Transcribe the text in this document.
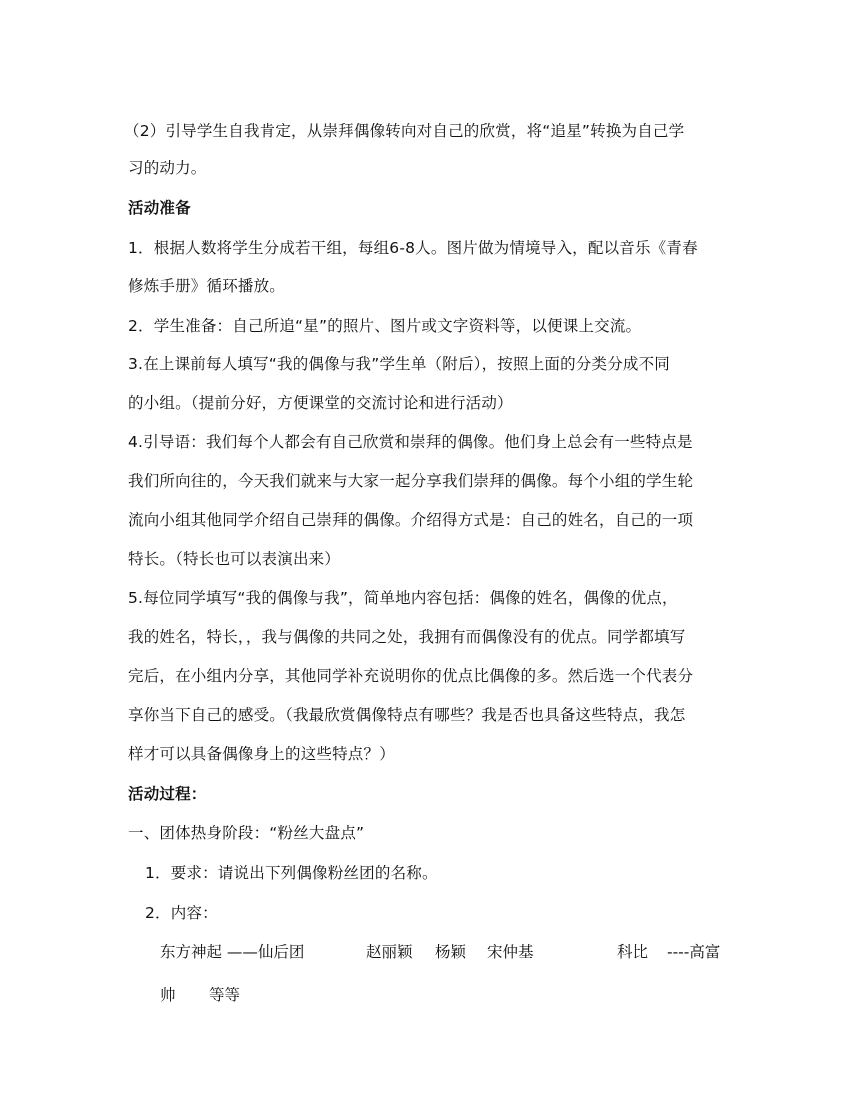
（2）引导学生自我肯定，从崇拜偶像转向对自己的欣赏，将“追星”转换为自己学
习的动力。
活动准备
1．根据人数将学生分成若干组，每组6-8人。图片做为情境导入，配以音乐《青春
修炼手册》循环播放。
2．学生准备：自己所追“星”的照片、图片或文字资料等，以便课上交流。
3.在上课前每人填写“我的偶像与我”学生单（附后），按照上面的分类分成不同
的小组。（提前分好，方便课堂的交流讨论和进行活动）
4.引导语：我们每个人都会有自己欣赏和崇拜的偶像。他们身上总会有一些特点是
我们所向往的，今天我们就来与大家一起分享我们崇拜的偶像。每个小组的学生轮
流向小组其他同学介绍自己崇拜的偶像。介绍得方式是：自己的姓名，自己的一项
特长。（特长也可以表演出来）
5.每位同学填写“我的偶像与我”，简单地内容包括：偶像的姓名，偶像的优点，
我的姓名，特长，，我与偶像的共同之处，我拥有而偶像没有的优点。同学都填写
完后，在小组内分享，其他同学补充说明你的优点比偶像的多。然后选一个代表分
享你当下自己的感受。（我最欣赏偶像特点有哪些？我是否也具备这些特点，我怎
样才可以具备偶像身上的这些特点？）
活动过程：
一、团体热身阶段：“粉丝大盘点”
1．要求：请说出下列偶像粉丝团的名称。
2．内容：
东方神起 ——仙后团	赵丽颖 杨颖 宋仲基	科比 ----高富
帅 等等
